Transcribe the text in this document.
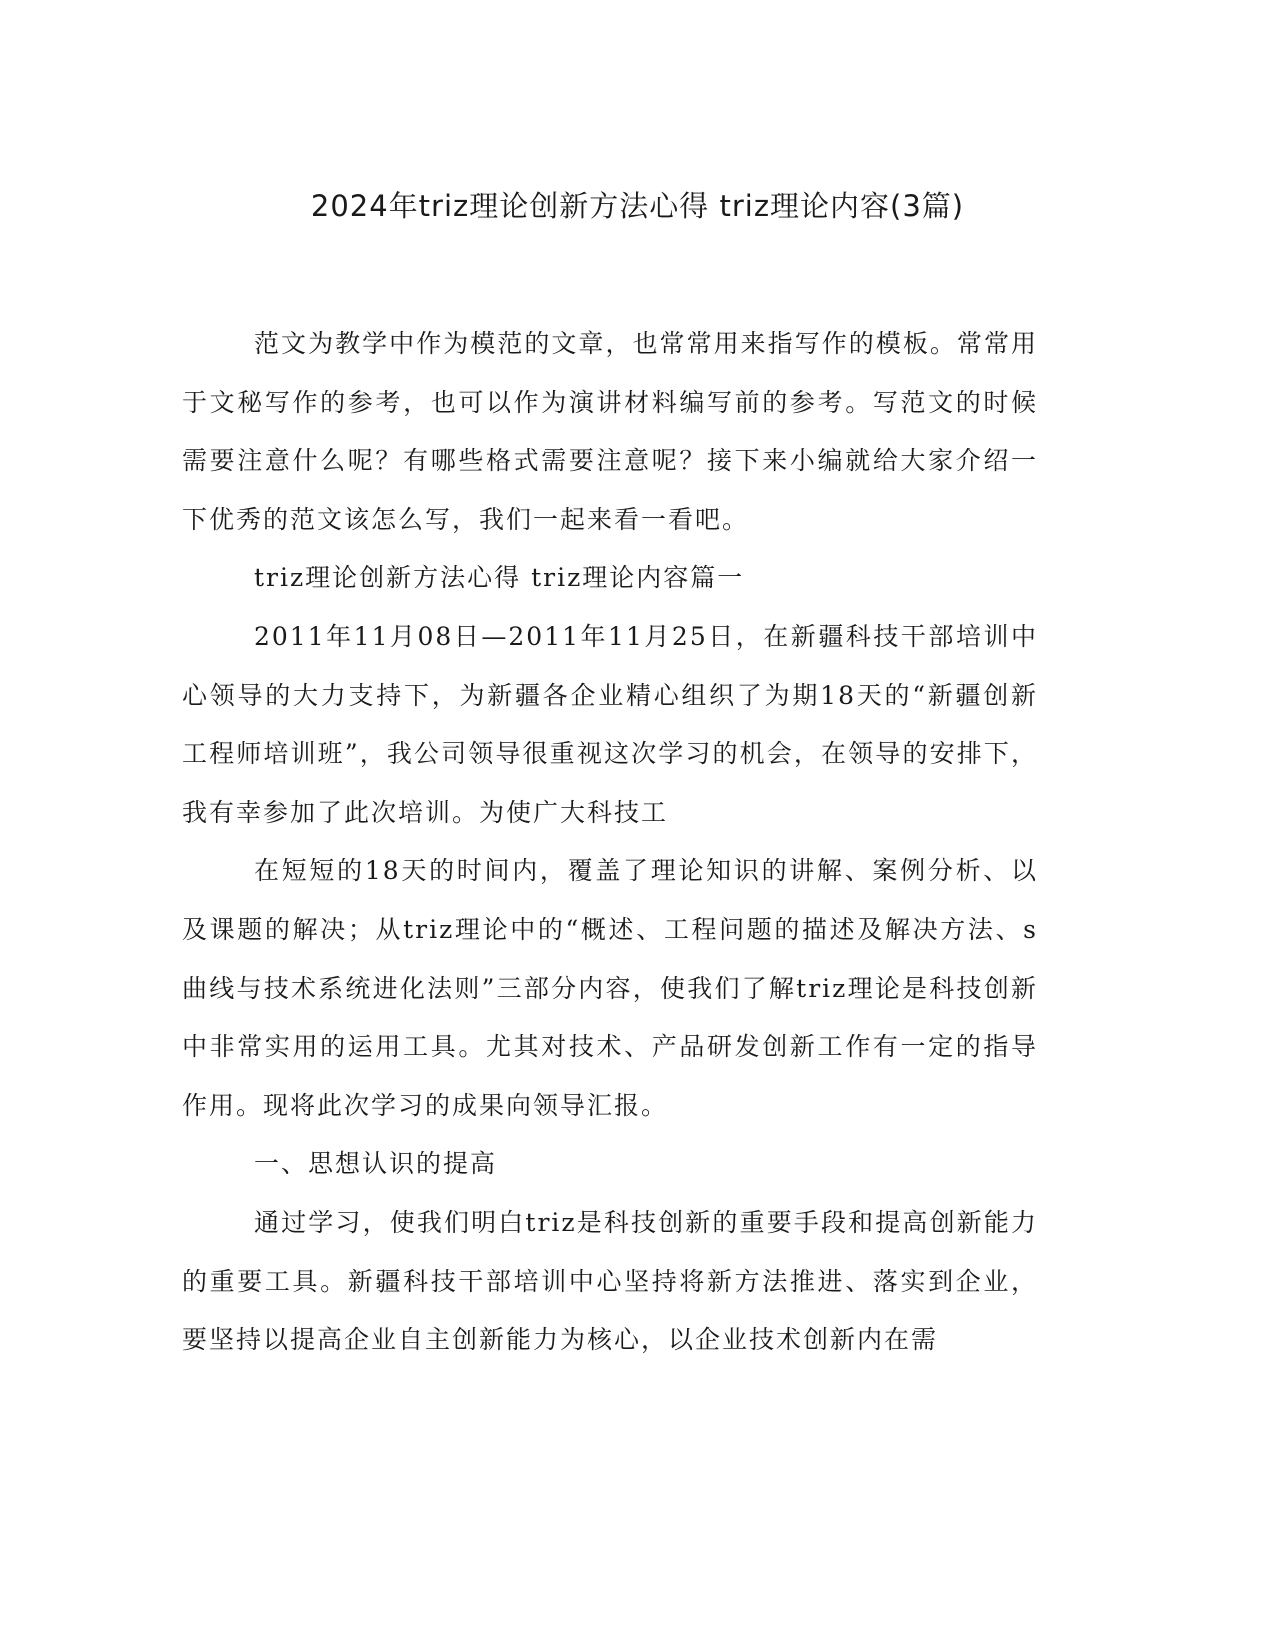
2024年triz理论创新方法心得 triz理论内容(3篇)

范文为教学中作为模范的文章，也常常用来指写作的模板。常常用于文秘写作的参考，也可以作为演讲材料编写前的参考。写范文的时候需要注意什么呢？有哪些格式需要注意呢？接下来小编就给大家介绍一下优秀的范文该怎么写，我们一起来看一看吧。

triz理论创新方法心得 triz理论内容篇一

2011年11月08日—2011年11月25日，在新疆科技干部培训中心领导的大力支持下，为新疆各企业精心组织了为期18天的“新疆创新工程师培训班”，我公司领导很重视这次学习的机会，在领导的安排下，我有幸参加了此次培训。为使广大科技工

在短短的18天的时间内，覆盖了理论知识的讲解、案例分析、以及课题的解决；从triz理论中的“概述、工程问题的描述及解决方法、s曲线与技术系统进化法则”三部分内容，使我们了解triz理论是科技创新中非常实用的运用工具。尤其对技术、产品研发创新工作有一定的指导作用。现将此次学习的成果向领导汇报。

一、思想认识的提高

通过学习，使我们明白triz是科技创新的重要手段和提高创新能力的重要工具。新疆科技干部培训中心坚持将新方法推进、落实到企业，要坚持以提高企业自主创新能力为核心，以企业技术创新内在需
